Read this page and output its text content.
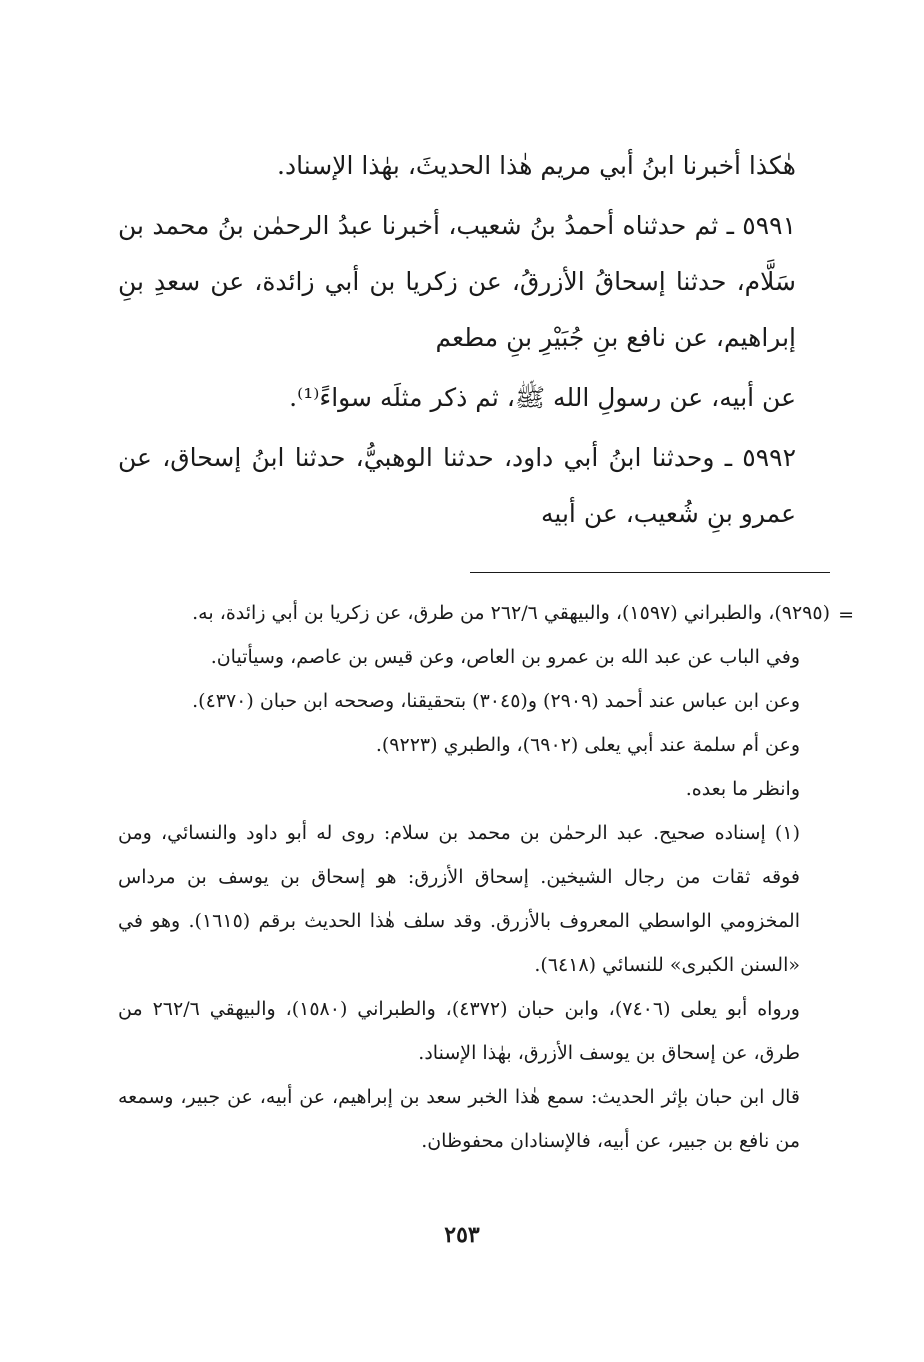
هٰكذا أخبرنا ابنُ أبي مريم هٰذا الحديثَ، بهٰذا الإسناد.

٥٩٩١ ـ ثم حدثناه أحمدُ بنُ شعيب، أخبرنا عبدُ الرحمٰن بنُ محمد بن سَلَّام، حدثنا إسحاقُ الأزرقُ، عن زكريا بن أبي زائدة، عن سعدِ بنِ إبراهيم، عن نافع بنِ جُبَيْرِ بنِ مطعم

عن أبيه، عن رسولِ الله ﷺ، ثم ذكر مثلَه سواءً⁽¹⁾.

٥٩٩٢ ـ وحدثنا ابنُ أبي داود، حدثنا الوهبيُّ، حدثنا ابنُ إسحاق، عن عمرو بنِ شُعيب، عن أبيه

=

(٩٢٩٥)، والطبراني (١٥٩٧)، والبيهقي ٢٦٢/٦ من طرق، عن زكريا بن أبي زائدة، به.

وفي الباب عن عبد الله بن عمرو بن العاص، وعن قيس بن عاصم، وسيأتيان.

وعن ابن عباس عند أحمد (٢٩٠٩) و(٣٠٤٥) بتحقيقنا، وصححه ابن حبان (٤٣٧٠).

وعن أم سلمة عند أبي يعلى (٦٩٠٢)، والطبري (٩٢٢٣).

وانظر ما بعده.

(١) إسناده صحيح. عبد الرحمٰن بن محمد بن سلام: روى له أبو داود والنسائي، ومن فوقه ثقات من رجال الشيخين. إسحاق الأزرق: هو إسحاق بن يوسف بن مرداس المخزومي الواسطي المعروف بالأزرق. وقد سلف هٰذا الحديث برقم (١٦١٥). وهو في «السنن الكبرى» للنسائي (٦٤١٨).

ورواه أبو يعلى (٧٤٠٦)، وابن حبان (٤٣٧٢)، والطبراني (١٥٨٠)، والبيهقي ٢٦٢/٦ من طرق، عن إسحاق بن يوسف الأزرق، بهٰذا الإسناد.

قال ابن حبان بإثر الحديث: سمع هٰذا الخبر سعد بن إبراهيم، عن أبيه، عن جبير، وسمعه من نافع بن جبير، عن أبيه، فالإسنادان محفوظان.

٢٥٣
